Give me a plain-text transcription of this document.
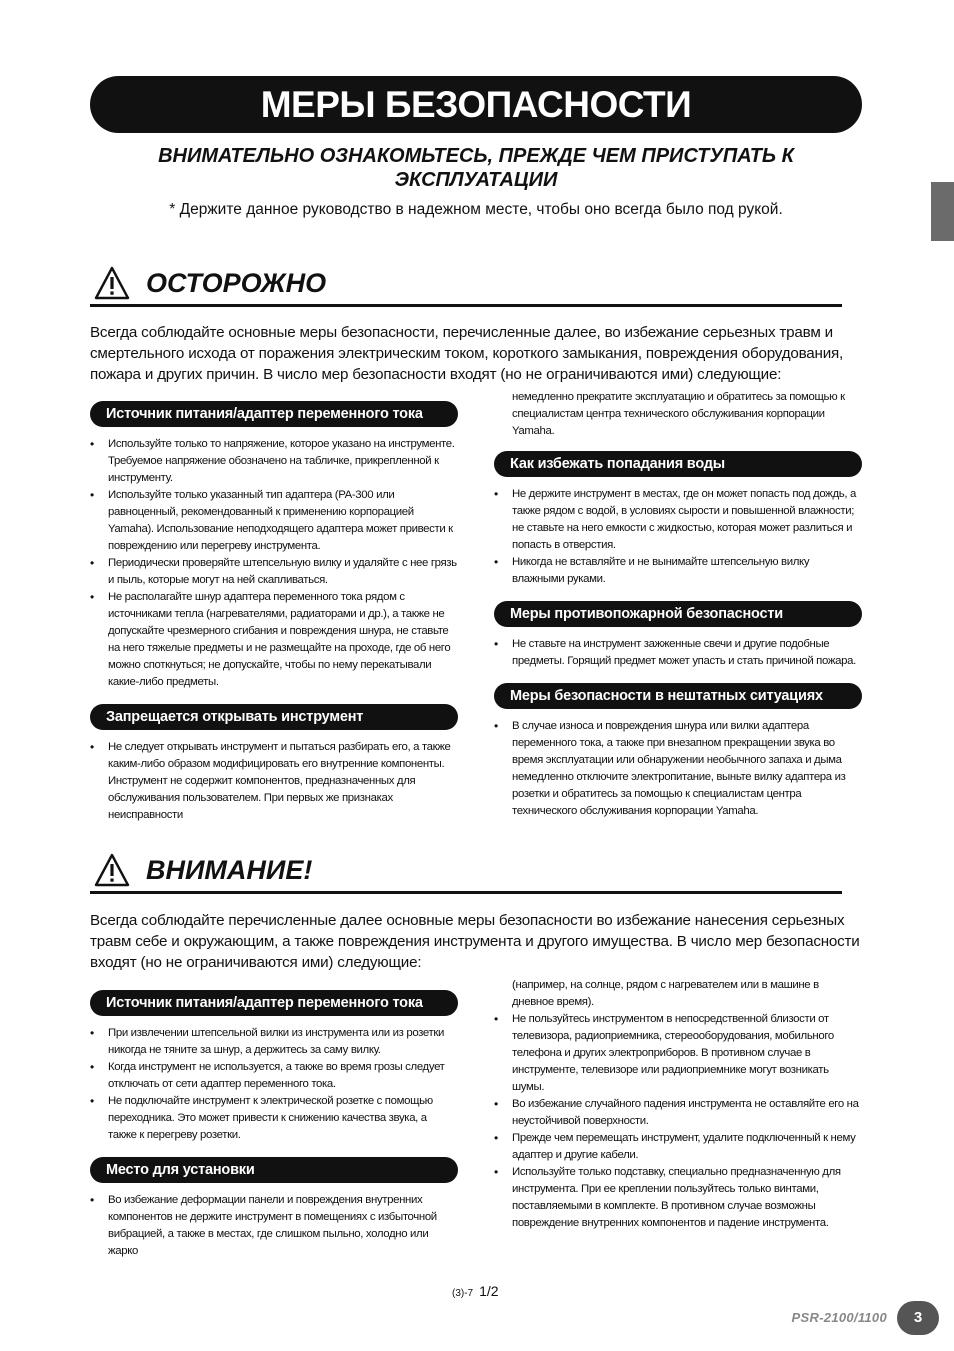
МЕРЫ БЕЗОПАСНОСТИ
ВНИМАТЕЛЬНО ОЗНАКОМЬТЕСЬ, ПРЕЖДЕ ЧЕМ ПРИСТУПАТЬ К
ЭКСПЛУАТАЦИИ
* Держите данное руководство в надежном месте, чтобы оно всегда было под рукой.
ОСТОРОЖНО
Всегда соблюдайте основные меры безопасности, перечисленные далее, во избежание серьезных травм и смертельного исхода от поражения электрическим током, короткого замыкания, повреждения оборудования, пожара и других причин. В число мер безопасности входят (но не ограничиваются ими) следующие:
Источник питания/адаптер переменного тока
• Используйте только то напряжение, которое указано на инструменте. Требуемое напряжение обозначено на табличке, прикрепленной к инструменту.
• Используйте только указанный тип адаптера (PA-300 или равноценный, рекомендованный к применению корпорацией Yamaha). Использование неподходящего адаптера может привести к повреждению или перегреву инструмента.
• Периодически проверяйте штепсельную вилку и удаляйте с нее грязь и пыль, которые могут на ней скапливаться.
• Не располагайте шнур адаптера переменного тока рядом с источниками тепла (нагревателями, радиаторами и др.), а также не допускайте чрезмерного сгибания и повреждения шнура, не ставьте на него тяжелые предметы и не размещайте на проходе, где об него можно споткнуться; не допускайте, чтобы по нему перекатывали какие-либо предметы.
Запрещается открывать инструмент
• Не следует открывать инструмент и пытаться разбирать его, а также каким-либо образом модифицировать его внутренние компоненты. Инструмент не содержит компонентов, предназначенных для обслуживания пользователем. При первых же признаках неисправности
немедленно прекратите эксплуатацию и обратитесь за помощью к специалистам центра технического обслуживания корпорации Yamaha.
Как избежать попадания воды
• Не держите инструмент в местах, где он может попасть под дождь, а также рядом с водой, в условиях сырости и повышенной влажности; не ставьте на него емкости с жидкостью, которая может разлиться и попасть в отверстия.
• Никогда не вставляйте и не вынимайте штепсельную вилку влажными руками.
Меры противопожарной безопасности
• Не ставьте на инструмент зажженные свечи и другие подобные предметы. Горящий предмет может упасть и стать причиной пожара.
Меры безопасности в нештатных ситуациях
• В случае износа и повреждения шнура или вилки адаптера переменного тока, а также при внезапном прекращении звука во время эксплуатации или обнаружении необычного запаха и дыма немедленно отключите электропитание, выньте вилку адаптера из розетки и обратитесь за помощью к специалистам центра технического обслуживания корпорации Yamaha.
ВНИМАНИЕ!
Всегда соблюдайте перечисленные далее основные меры безопасности во избежание нанесения серьезных травм себе и окружающим, а также повреждения инструмента и другого имущества. В число мер безопасности входят (но не ограничиваются ими) следующие:
Источник питания/адаптер переменного тока
• При извлечении штепсельной вилки из инструмента или из розетки никогда не тяните за шнур, а держитесь за саму вилку.
• Когда инструмент не используется, а также во время грозы следует отключать от сети адаптер переменного тока.
• Не подключайте инструмент к электрической розетке с помощью переходника. Это может привести к снижению качества звука, а также к перегреву розетки.
Место для установки
• Во избежание деформации панели и повреждения внутренних компонентов не держите инструмент в помещениях с избыточной вибрацией, а также в местах, где слишком пыльно, холодно или жарко
(например, на солнце, рядом с нагревателем или в машине в дневное время).
• Не пользуйтесь инструментом в непосредственной близости от телевизора, радиоприемника, стереооборудования, мобильного телефона и других электроприборов. В противном случае в инструменте, телевизоре или радиоприемнике могут возникать шумы.
• Во избежание случайного падения инструмента не оставляйте его на неустойчивой поверхности.
• Прежде чем перемещать инструмент, удалите подключенный к нему адаптер и другие кабели.
• Используйте только подставку, специально предназначенную для инструмента. При ее креплении пользуйтесь только винтами, поставляемыми в комплекте. В противном случае возможны повреждение внутренних компонентов и падение инструмента.
(3)-7 1/2
PSR-2100/1100	3
